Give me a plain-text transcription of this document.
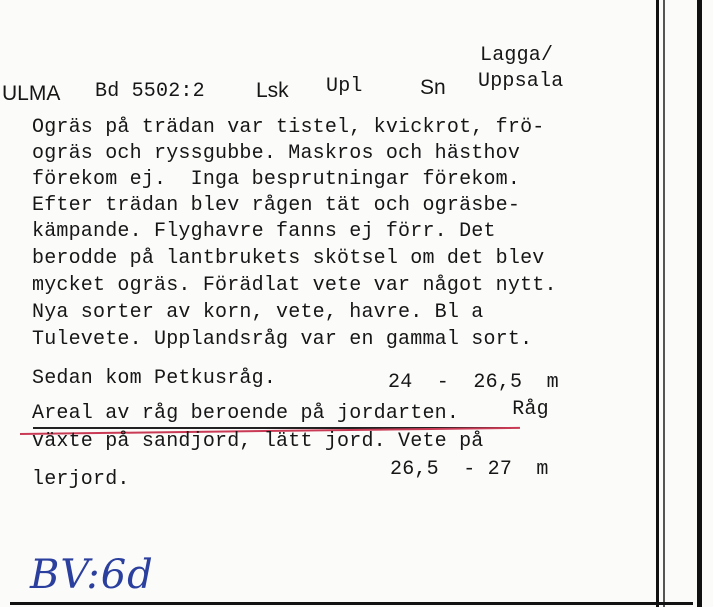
Lagga/

ULMA Bd 5502:2 Lsk Upl	Sn Uppsala

Ogräs på trädan var tistel, kvickrot, frö-

ogräs och ryssgubbe. Maskros och hästhov

förekom ej.  Inga besprutningar förekom.

Efter trädan blev rågen tät och ogräsbe-

kämpande. Flyghavre fanns ej förr. Det

berodde på lantbrukets skötsel om det blev

mycket ogräs. Förädlat vete var något nytt.

Nya sorter av korn, vete, havre. Bl a

Tulevete. Upplandsråg var en gammal sort.

Sedan kom Petkusråg.	24  -  26,5  m

Areal av råg beroende på jordarten. Råg

växte på sandjord, lätt jord. Vete på

lerjord.	26,5  - 27  m

BV:6d
